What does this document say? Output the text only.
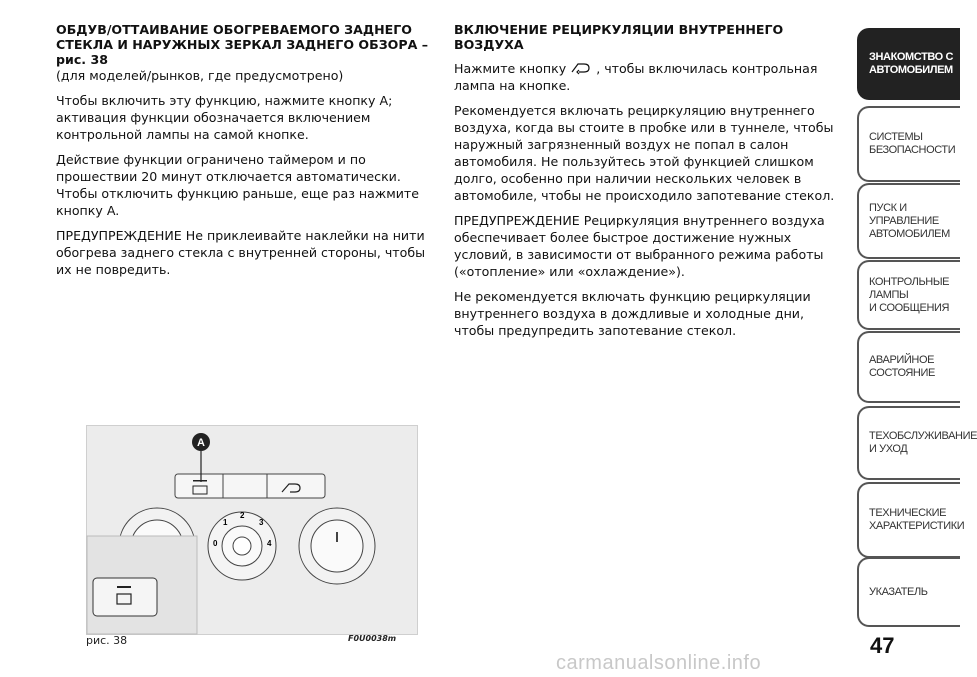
ОБДУВ/ОТТАИВАНИЕ ОБОГРЕВАЕМОГО ЗАДНЕГО СТЕКЛА И НАРУЖНЫХ ЗЕРКАЛ ЗАДНЕГО ОБЗОРА – рис. 38
(для моделей/рынков, где предусмотрено)

Чтобы включить эту функцию, нажмите кнопку A; активация функции обозначается включением контрольной лампы на самой кнопке.

Действие функции ограничено таймером и по прошествии 20 минут отключается автоматически. Чтобы отключить функцию раньше, еще раз нажмите кнопку A.

ПРЕДУПРЕЖДЕНИЕ Не приклеивайте наклейки на нити обогрева заднего стекла с внутренней стороны, чтобы их не повредить.

ВКЛЮЧЕНИЕ РЕЦИРКУЛЯЦИИ ВНУТРЕННЕГО ВОЗДУХА

Нажмите кнопку , чтобы включилась контрольная лампа на кнопке.

Рекомендуется включать рециркуляцию внутреннего воздуха, когда вы стоите в пробке или в туннеле, чтобы наружный загрязненный воздух не попал в салон автомобиля. Не пользуйтесь этой функцией слишком долго, особенно при наличии нескольких человек в автомобиле, чтобы не происходило запотевание стекол.

ПРЕДУПРЕЖДЕНИЕ Рециркуляция внутреннего воздуха обеспечивает более быстрое достижение нужных условий, в зависимости от выбранного режима работы («отопление» или «охлаждение»).

Не рекомендуется включать функцию рециркуляции внутреннего воздуха в дождливые и холодные дни, чтобы предупредить запотевание стекол.

A
0
1
2
3
4
рис. 38	F0U0038m
ЗНАКОМСТВО С
АВТОМОБИЛЕМ
СИСТЕМЫ
БЕЗОПАСНОСТИ
ПУСК И УПРАВЛЕНИЕ
АВТОМОБИЛЕМ
КОНТРОЛЬНЫЕ
ЛАМПЫ
И СООБЩЕНИЯ
АВАРИЙНОЕ
СОСТОЯНИЕ
ТЕХОБСЛУЖИВАНИЕ
И УХОД
ТЕХНИЧЕСКИЕ
ХАРАКТЕРИСТИКИ
УКАЗАТЕЛЬ
47
carmanualsonline.info
